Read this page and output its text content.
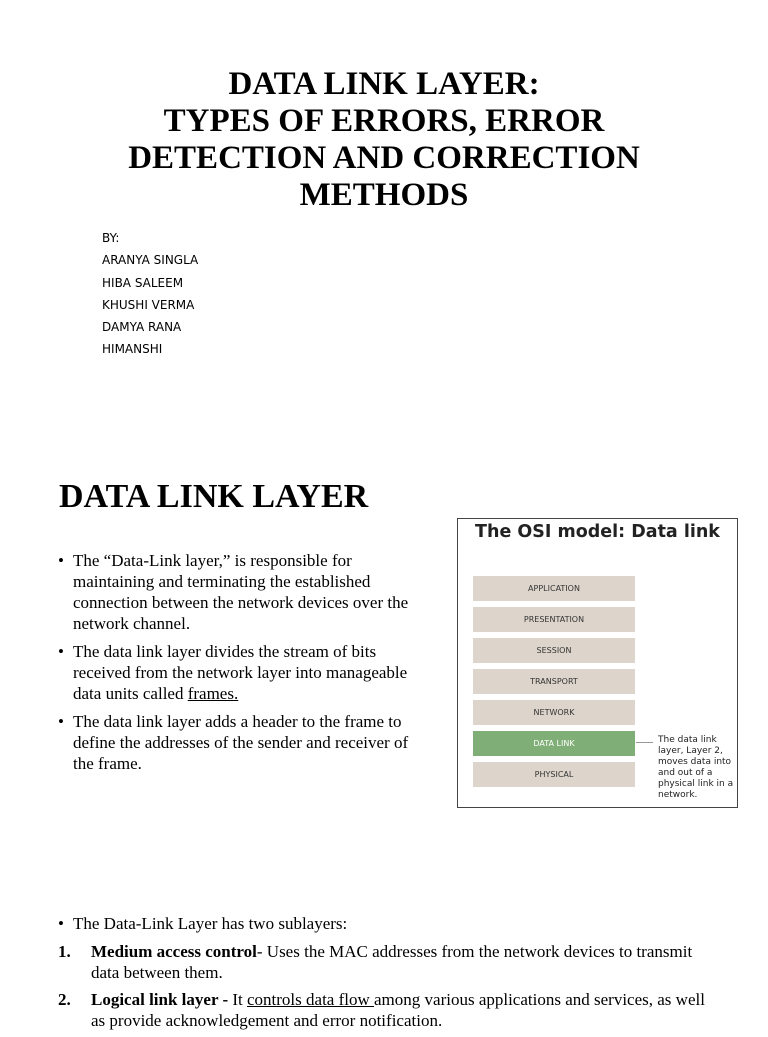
DATA LINK LAYER:
TYPES OF ERRORS, ERROR
DETECTION AND CORRECTION
METHODS
BY:
ARANYA SINGLA
HIBA SALEEM
KHUSHI VERMA
DAMYA RANA
HIMANSHI
DATA LINK LAYER
• The “Data-Link layer,” is responsible for maintaining and terminating the established connection between the network devices over the network channel.
• The data link layer divides the stream of bits received from the network layer into manageable data units called frames.
• The data link layer adds a header to the frame to define the addresses of the sender and receiver of the frame.
The OSI model: Data link
The data link layer, Layer 2, moves data into and out of a physical link in a network.
APPLICATION
PRESENTATION
SESSION
TRANSPORT
NETWORK
DATA LINK
PHYSICAL
• The Data-Link Layer has two sublayers:
1. Medium access control- Uses the MAC addresses from the network devices to transmit data between them.
2. Logical link layer - It controls data flow among various applications and services, as well as provide acknowledgement and error notification.
